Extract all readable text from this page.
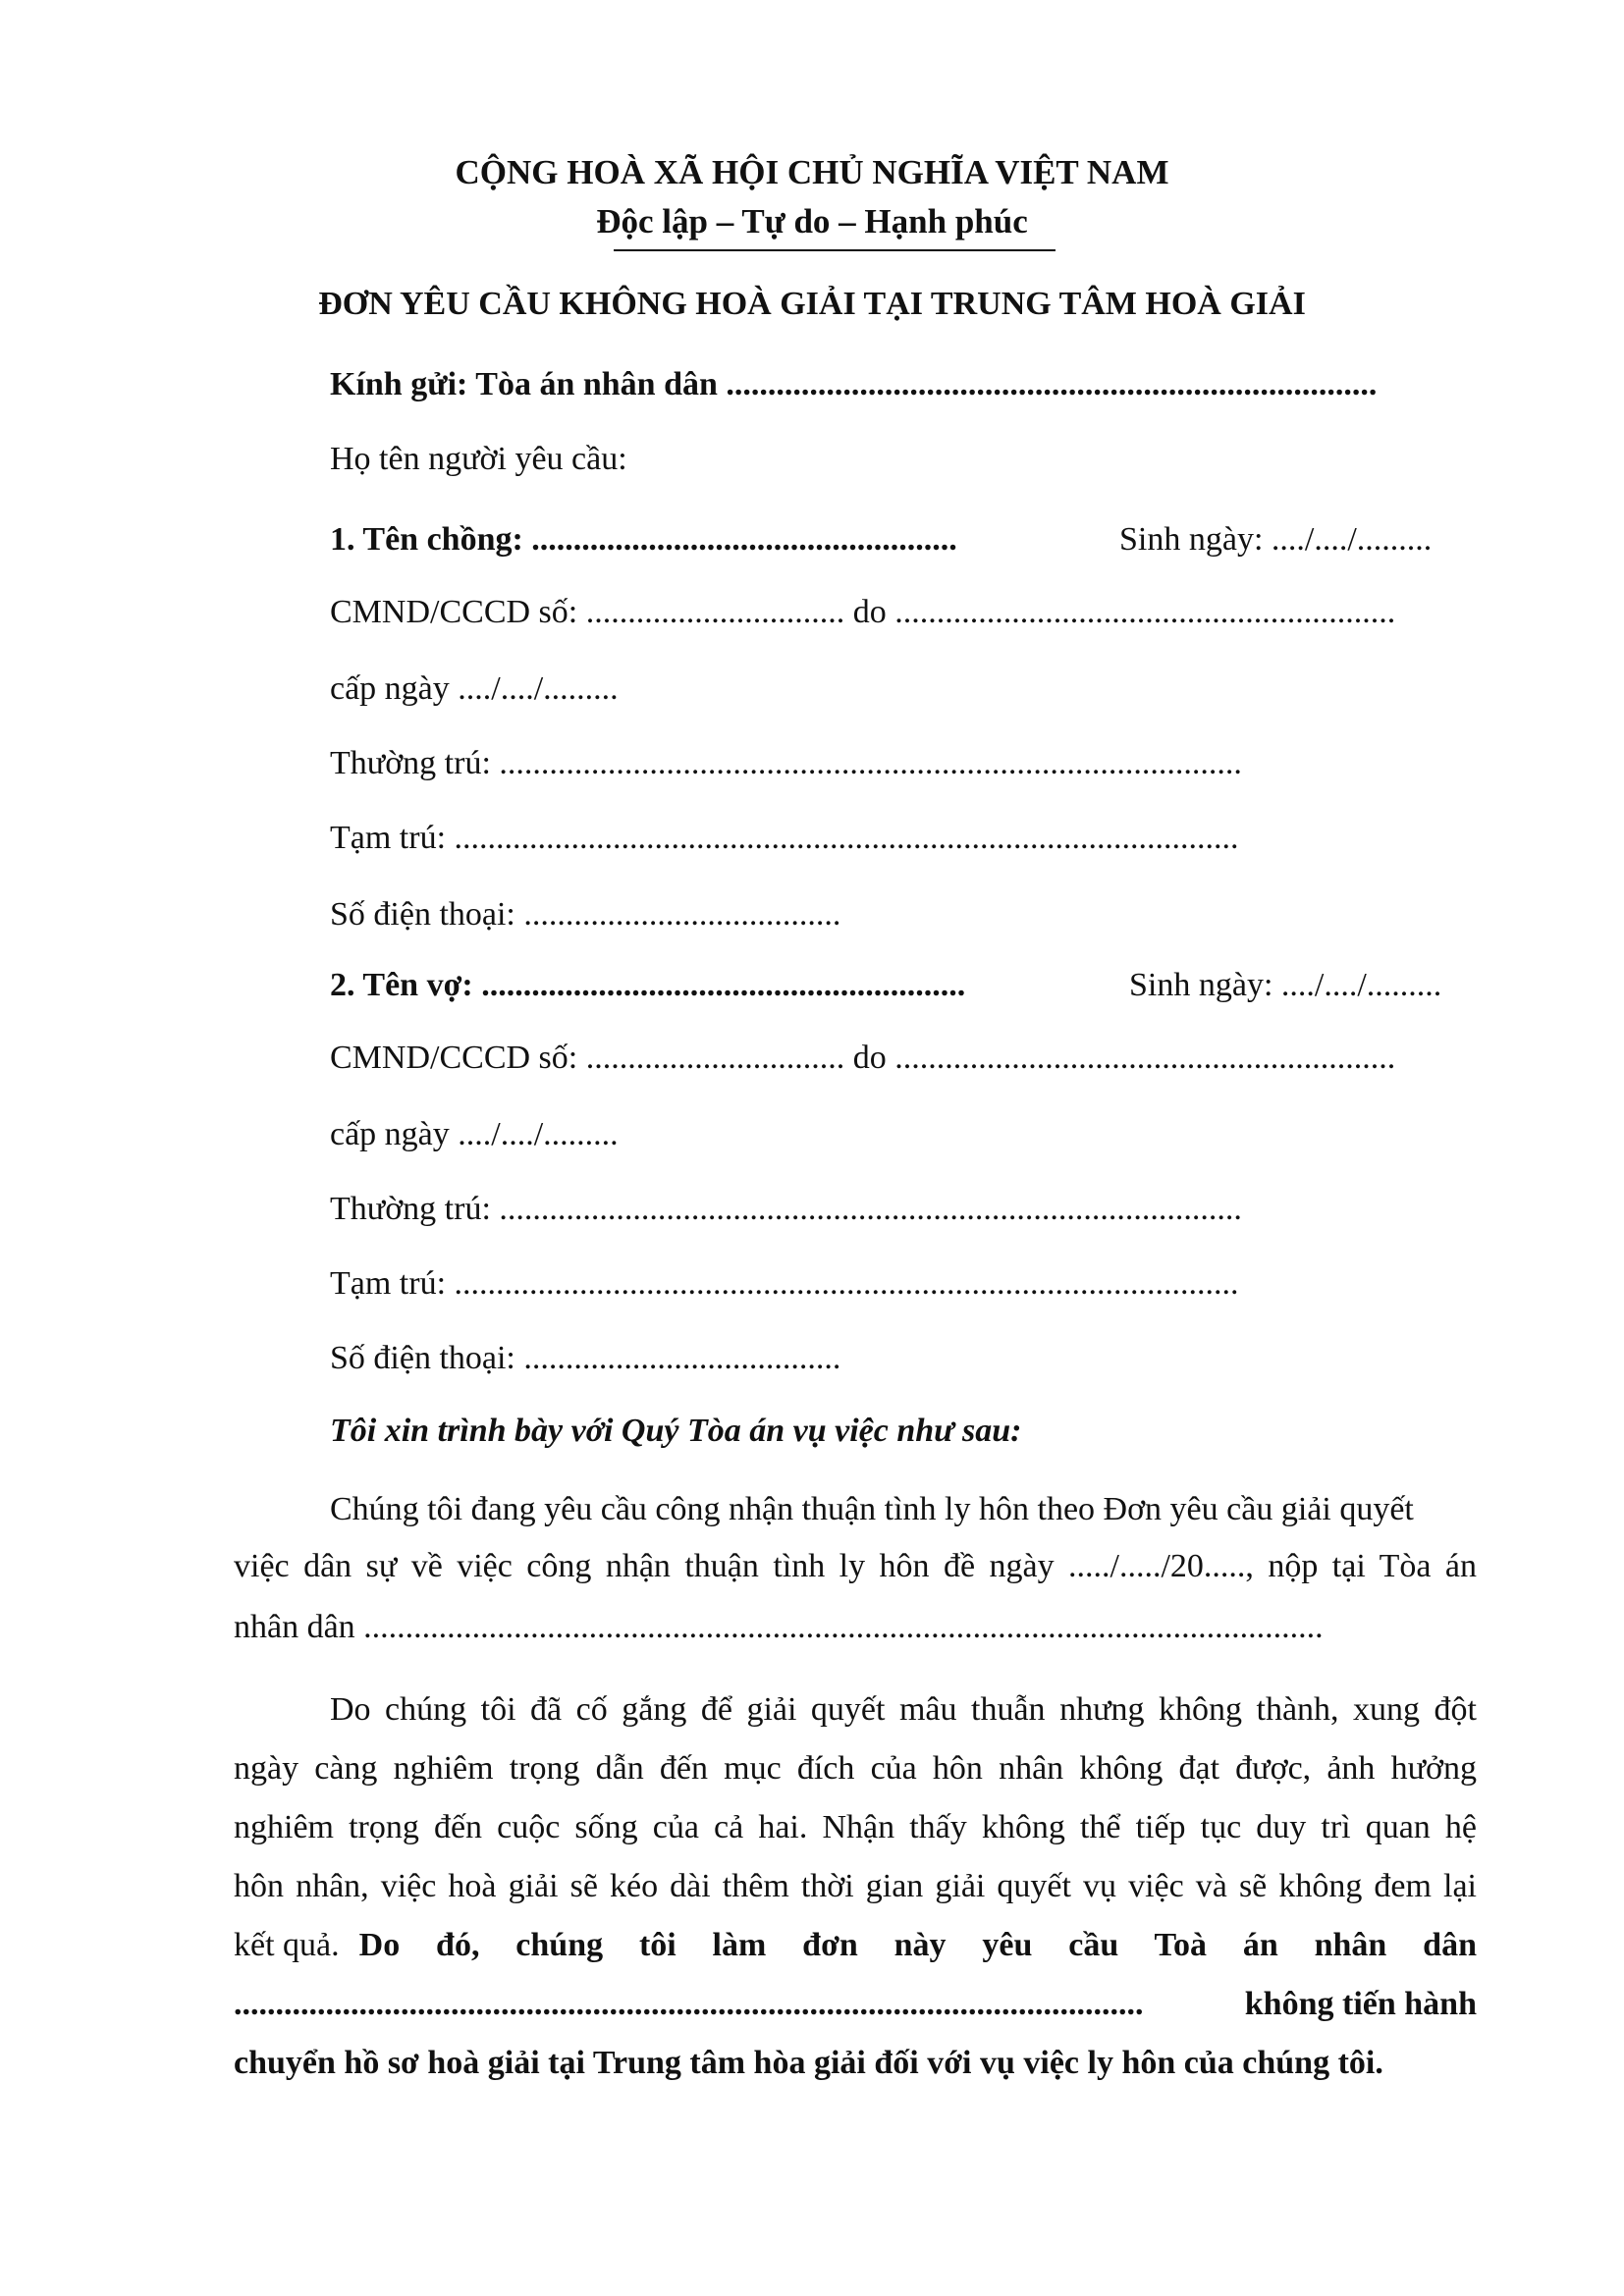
CỘNG HOÀ XÃ HỘI CHỦ NGHĨA VIỆT NAM
Độc lập – Tự do – Hạnh phúc
ĐƠN YÊU CẦU KHÔNG HOÀ GIẢI TẠI TRUNG TÂM HOÀ GIẢI
Kính gửi: Tòa án nhân dân ..............................................................................
Họ tên người yêu cầu:
1. Tên chồng: ...................................................	Sinh ngày: ..../..../.........
CMND/CCCD số: ............................... do ............................................................
cấp ngày ..../..../.........
Thường trú: .........................................................................................
Tạm trú: ..............................................................................................
Số điện thoại: ......................................
2. Tên vợ: ..........................................................	Sinh ngày: ..../..../.........
CMND/CCCD số: ............................... do ............................................................
cấp ngày ..../..../.........
Thường trú: .........................................................................................
Tạm trú: ..............................................................................................
Số điện thoại: ......................................
Tôi xin trình bày với Quý Tòa án vụ việc như sau:
Chúng tôi đang yêu cầu công nhận thuận tình ly hôn theo Đơn yêu cầu giải quyết
việc dân sự về việc công nhận thuận tình ly hôn đề ngày ...../...../20....., nộp tại Tòa án
nhân dân ...................................................................................................................
Do chúng tôi đã cố gắng để giải quyết mâu thuẫn nhưng không thành, xung đột
ngày càng nghiêm trọng dẫn đến mục đích của hôn nhân không đạt được, ảnh hưởng
nghiêm trọng đến cuộc sống của cả hai. Nhận thấy không thể tiếp tục duy trì quan hệ
hôn nhân, việc hoà giải sẽ kéo dài thêm thời gian giải quyết vụ việc và sẽ không đem lại
kết quả. Do đó, chúng tôi làm đơn này yêu cầu Toà án nhân dân
.............................................................................................................	không tiến hành
chuyển hồ sơ hoà giải tại Trung tâm hòa giải đối với vụ việc ly hôn của chúng tôi.
